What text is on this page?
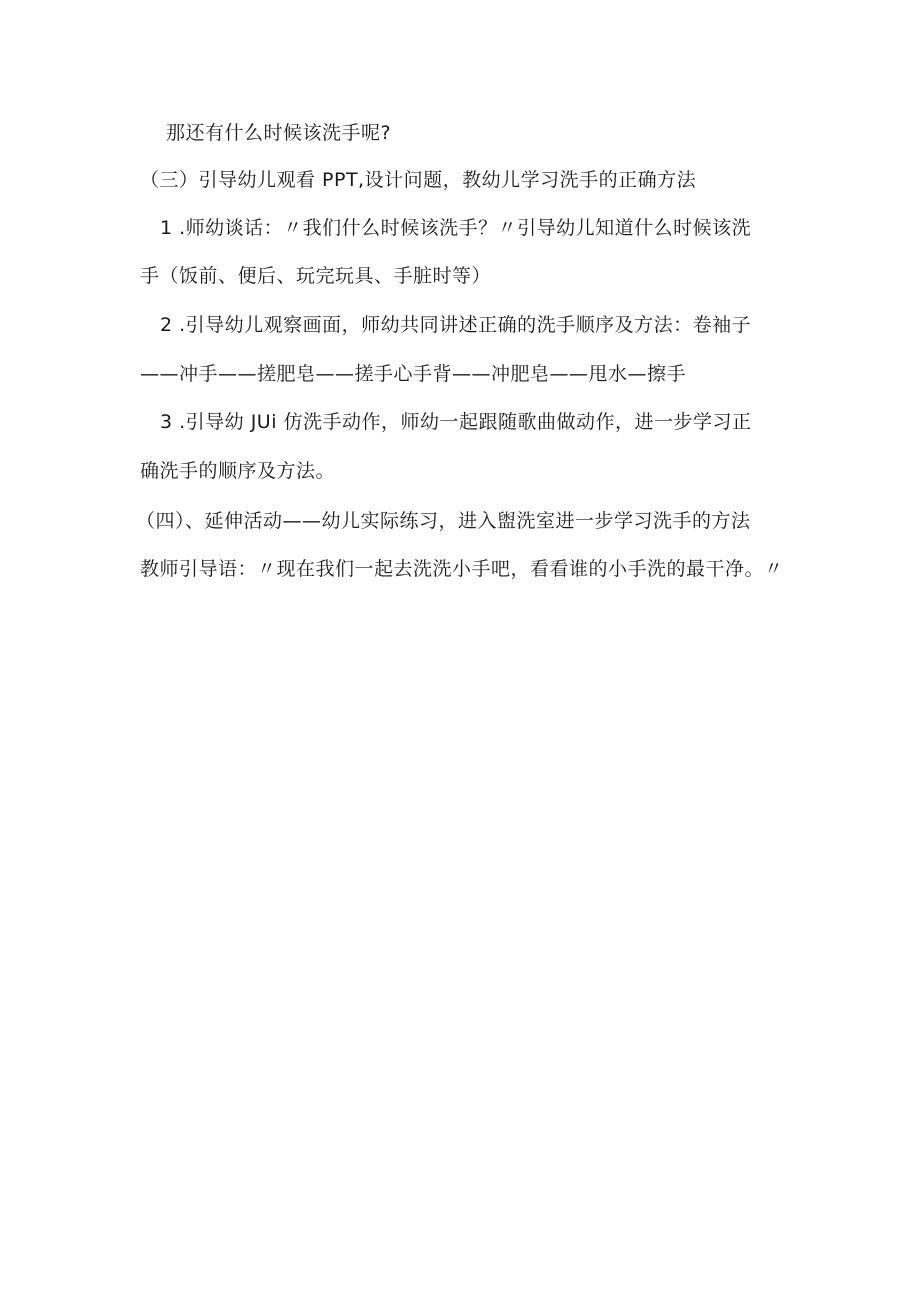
那还有什么时候该洗手呢?
（三）引导幼儿观看 PPT,设计问题，教幼儿学习洗手的正确方法
1 .师幼谈话：〃我们什么时候该洗手？〃引导幼儿知道什么时候该洗
手（饭前、便后、玩完玩具、手脏时等）
2 .引导幼儿观察画面，师幼共同讲述正确的洗手顺序及方法：卷袖子
——冲手——搓肥皂——搓手心手背——冲肥皂——甩水—擦手
3 .引导幼 JUi 仿洗手动作，师幼一起跟随歌曲做动作，进一步学习正
确洗手的顺序及方法。
（四）、延伸活动——幼儿实际练习，进入盥洗室进一步学习洗手的方法
教师引导语：〃现在我们一起去洗洗小手吧，看看谁的小手洗的最干净。〃
